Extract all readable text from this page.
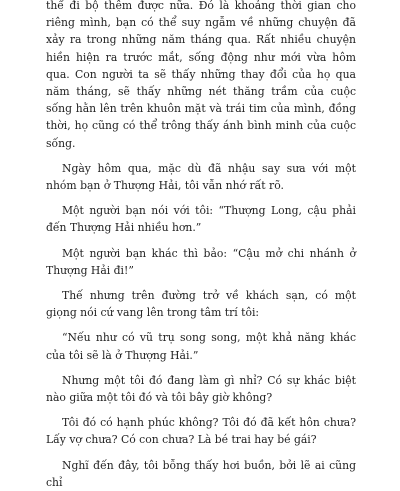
thể đi bộ thêm được nữa. Đó là khoảng thời gian cho riêng mình, bạn có thể suy ngẫm về những chuyện đã xảy ra trong những năm tháng qua. Rất nhiều chuyện hiền hiện ra trước mắt, sống động như mới vừa hôm qua. Con người ta sẽ thấy những thay đổi của họ qua năm tháng, sẽ thấy những nét thăng trầm của cuộc sống hằn lên trên khuôn mặt và trái tim của mình, đồng thời, họ cũng có thể trông thấy ánh bình minh của cuộc sống.

Ngày hôm qua, mặc dù đã nhậu say sưa với một nhóm bạn ở Thượng Hải, tôi vẫn nhớ rất rõ.

Một người bạn nói với tôi: “Thượng Long, cậu phải đến Thượng Hải nhiều hơn.”

Một người bạn khác thì bảo: “Cậu mở chi nhánh ở Thượng Hải đi!”

Thế nhưng trên đường trở về khách sạn, có một giọng nói cứ vang lên trong tâm trí tôi:

“Nếu như có vũ trụ song song, một khả năng khác của tôi sẽ là ở Thượng Hải.”

Nhưng một tôi đó đang làm gì nhỉ? Có sự khác biệt nào giữa một tôi đó và tôi bây giờ không?

Tôi đó có hạnh phúc không? Tôi đó đã kết hôn chưa? Lấy vợ chưa? Có con chưa? Là bé trai hay bé gái?

Nghĩ đến đây, tôi bỗng thấy hơi buồn, bởi lẽ ai cũng chỉ
